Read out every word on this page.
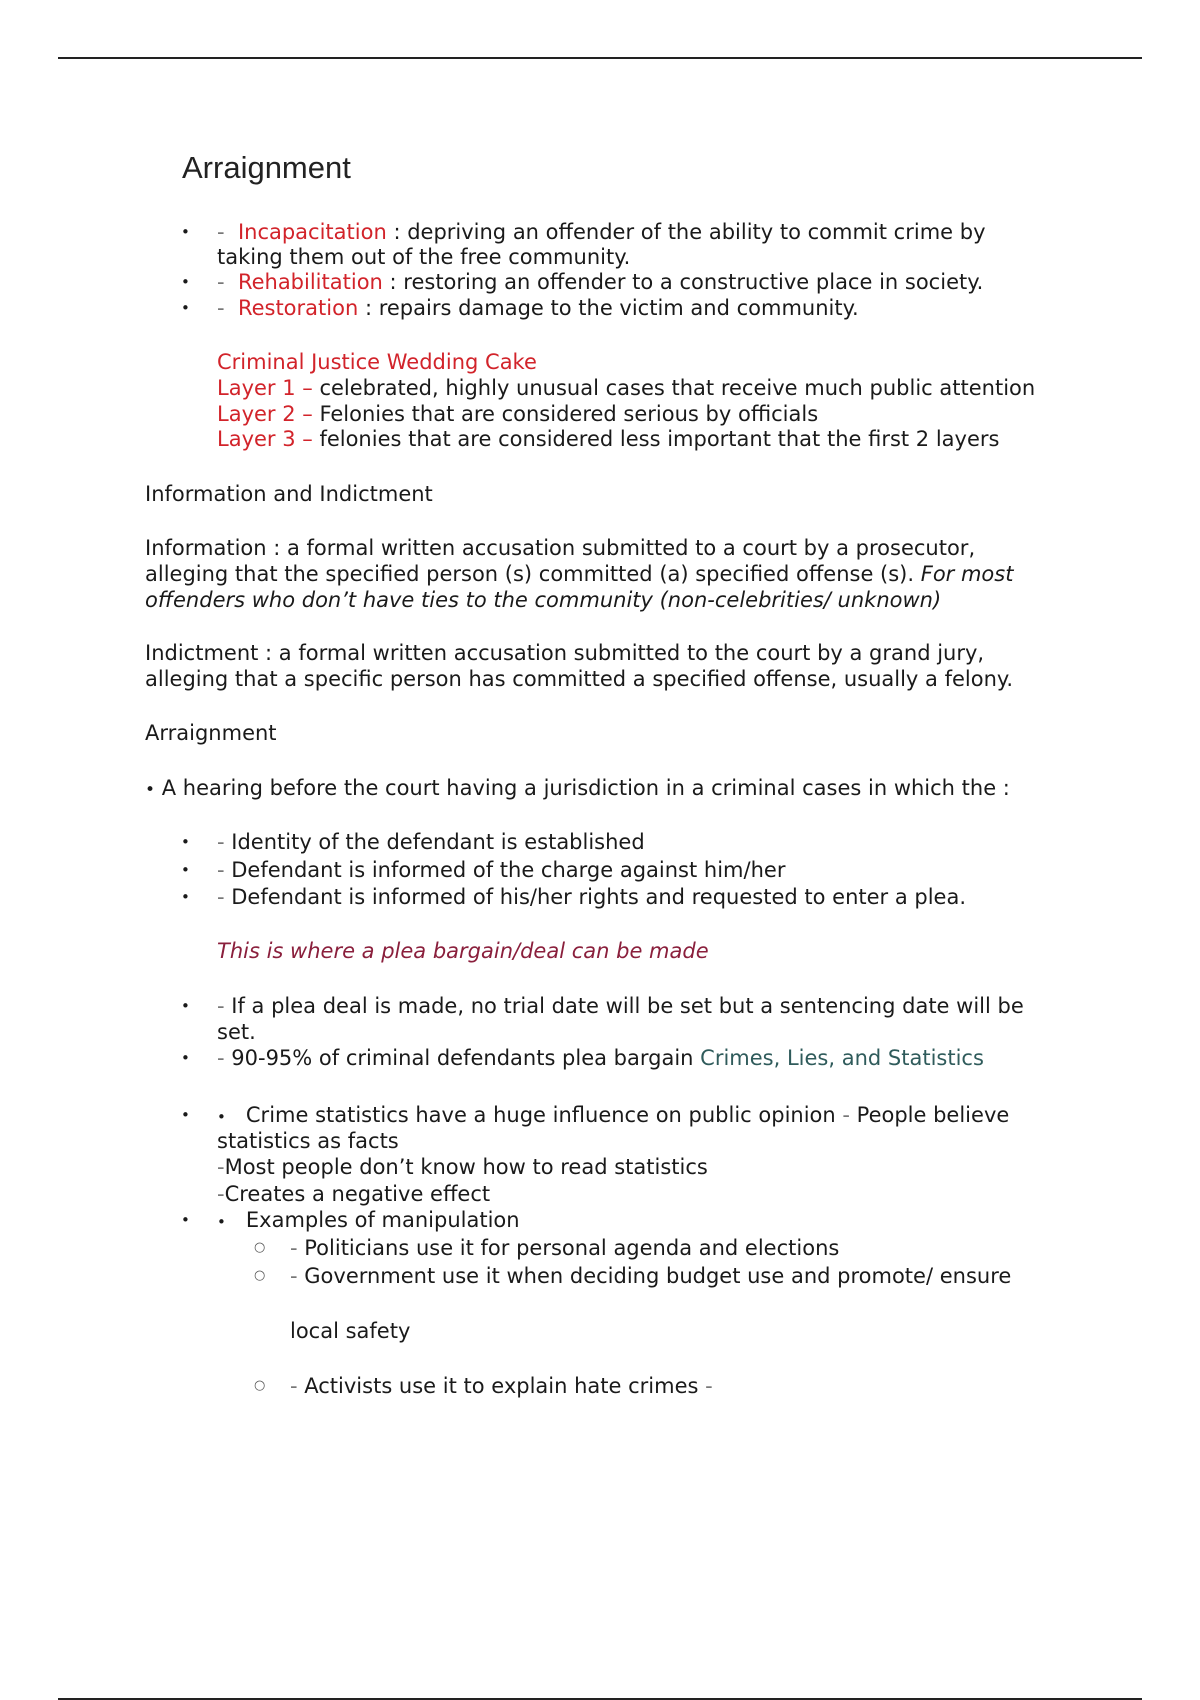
Arraignment
• - Incapacitation : depriving an offender of the ability to commit crime by
taking them out of the free community.
• - Rehabilitation : restoring an offender to a constructive place in society.
• - Restoration : repairs damage to the victim and community.
Criminal Justice Wedding Cake
Layer 1 – celebrated, highly unusual cases that receive much public attention
Layer 2 – Felonies that are considered serious by officials
Layer 3 – felonies that are considered less important that the first 2 layers
Information and Indictment
Information : a formal written accusation submitted to a court by a prosecutor,
alleging that the specified person (s) committed (a) specified offense (s). For most
offenders who don’t have ties to the community (non-celebrities/ unknown)
Indictment : a formal written accusation submitted to the court by a grand jury,
alleging that a specific person has committed a specified offense, usually a felony.
Arraignment
• A hearing before the court having a jurisdiction in a criminal cases in which the :
• - Identity of the defendant is established
• - Defendant is informed of the charge against him/her
• - Defendant is informed of his/her rights and requested to enter a plea.
This is where a plea bargain/deal can be made
• - If a plea deal is made, no trial date will be set but a sentencing date will be
set.
• - 90-95% of criminal defendants plea bargain Crimes, Lies, and Statistics
• • Crime statistics have a huge influence on public opinion - People believe
statistics as facts
-Most people don’t know how to read statistics
-Creates a negative effect
• • Examples of manipulation
○ - Politicians use it for personal agenda and elections
○ - Government use it when deciding budget use and promote/ ensure
local safety
○ - Activists use it to explain hate crimes -
